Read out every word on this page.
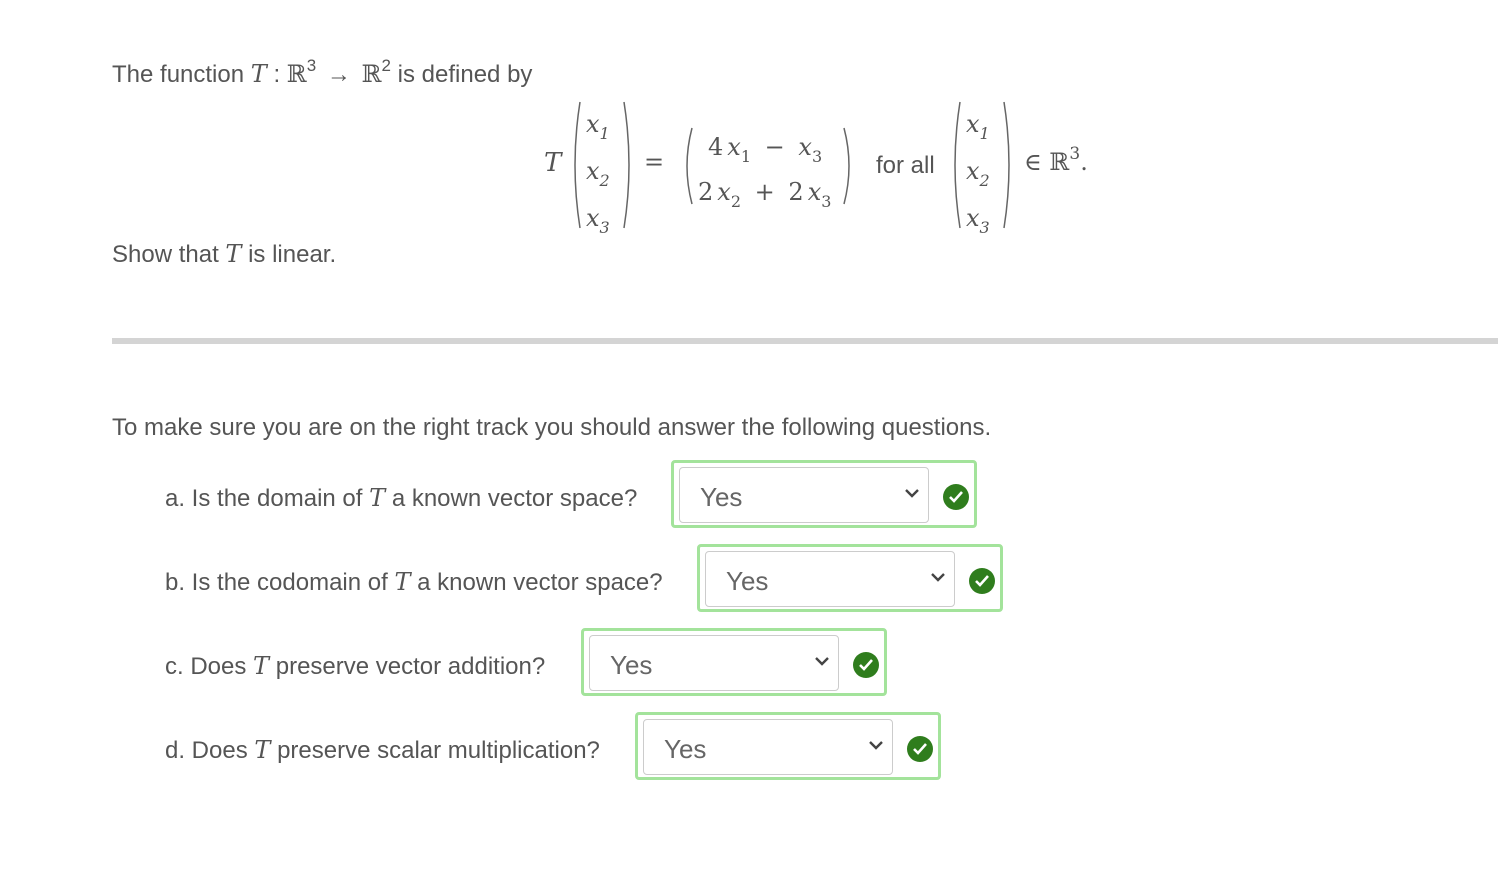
The function T : ℝ$^3$ → ℝ$^2$ is defined by
T
$x_1$
$x_2$
$x_3$
=
4 $x_1 - x_3$
2 $x_2 + 2$ $x_3$
for all
$x_1$
$x_2$
$x_3$
∈ ℝ$^3$.
Show that T is linear.
To make sure you are on the right track you should answer the following questions.
a. Is the domain of T a known vector space? Yes
b. Is the codomain of T a known vector space? Yes
c. Does T preserve vector addition? Yes
d. Does T preserve scalar multiplication? Yes
